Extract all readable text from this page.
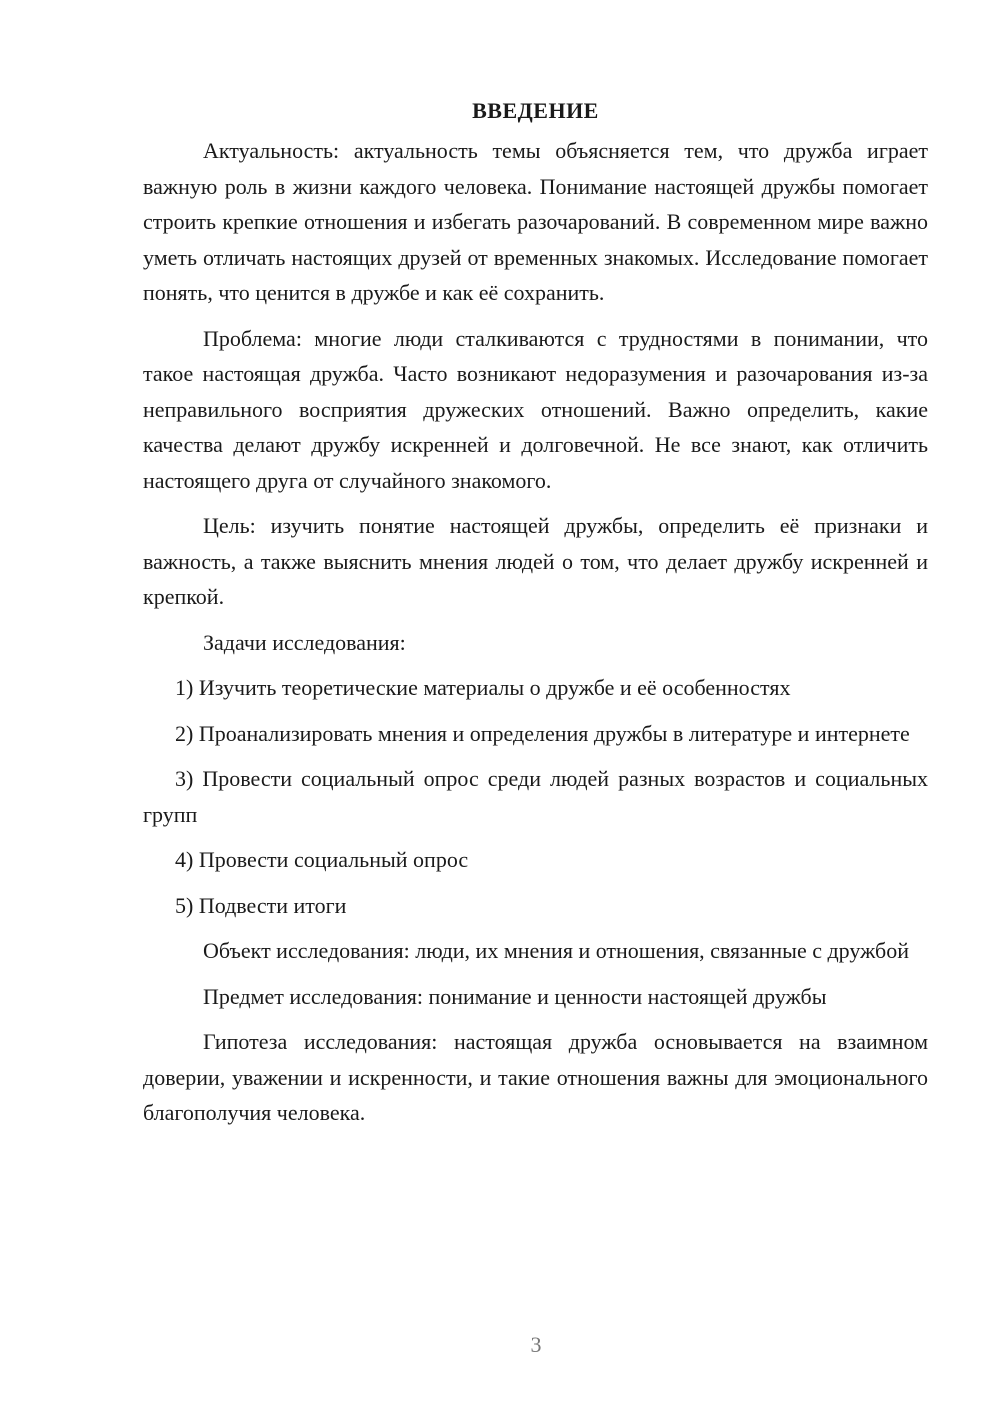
ВВЕДЕНИЕ

Актуальность: актуальность темы объясняется тем, что дружба играет важную роль в жизни каждого человека. Понимание настоящей дружбы помогает строить крепкие отношения и избегать разочарований. В современном мире важно уметь отличать настоящих друзей от временных знакомых. Исследование помогает понять, что ценится в дружбе и как её сохранить.

Проблема: многие люди сталкиваются с трудностями в понимании, что такое настоящая дружба. Часто возникают недоразумения и разочарования из-за неправильного восприятия дружеских отношений. Важно определить, какие качества делают дружбу искренней и долговечной. Не все знают, как отличить настоящего друга от случайного знакомого.

Цель: изучить понятие настоящей дружбы, определить её признаки и важность, а также выяснить мнения людей о том, что делает дружбу искренней и крепкой.

Задачи исследования:

1) Изучить теоретические материалы о дружбе и её особенностях

2) Проанализировать мнения и определения дружбы в литературе и интернете

3) Провести социальный опрос среди людей разных возрастов и социальных групп

4) Провести социальный опрос

5) Подвести итоги

Объект исследования: люди, их мнения и отношения, связанные с дружбой

Предмет исследования: понимание и ценности настоящей дружбы

Гипотеза исследования: настоящая дружба основывается на взаимном доверии, уважении и искренности, и такие отношения важны для эмоционального благополучия человека.

3
